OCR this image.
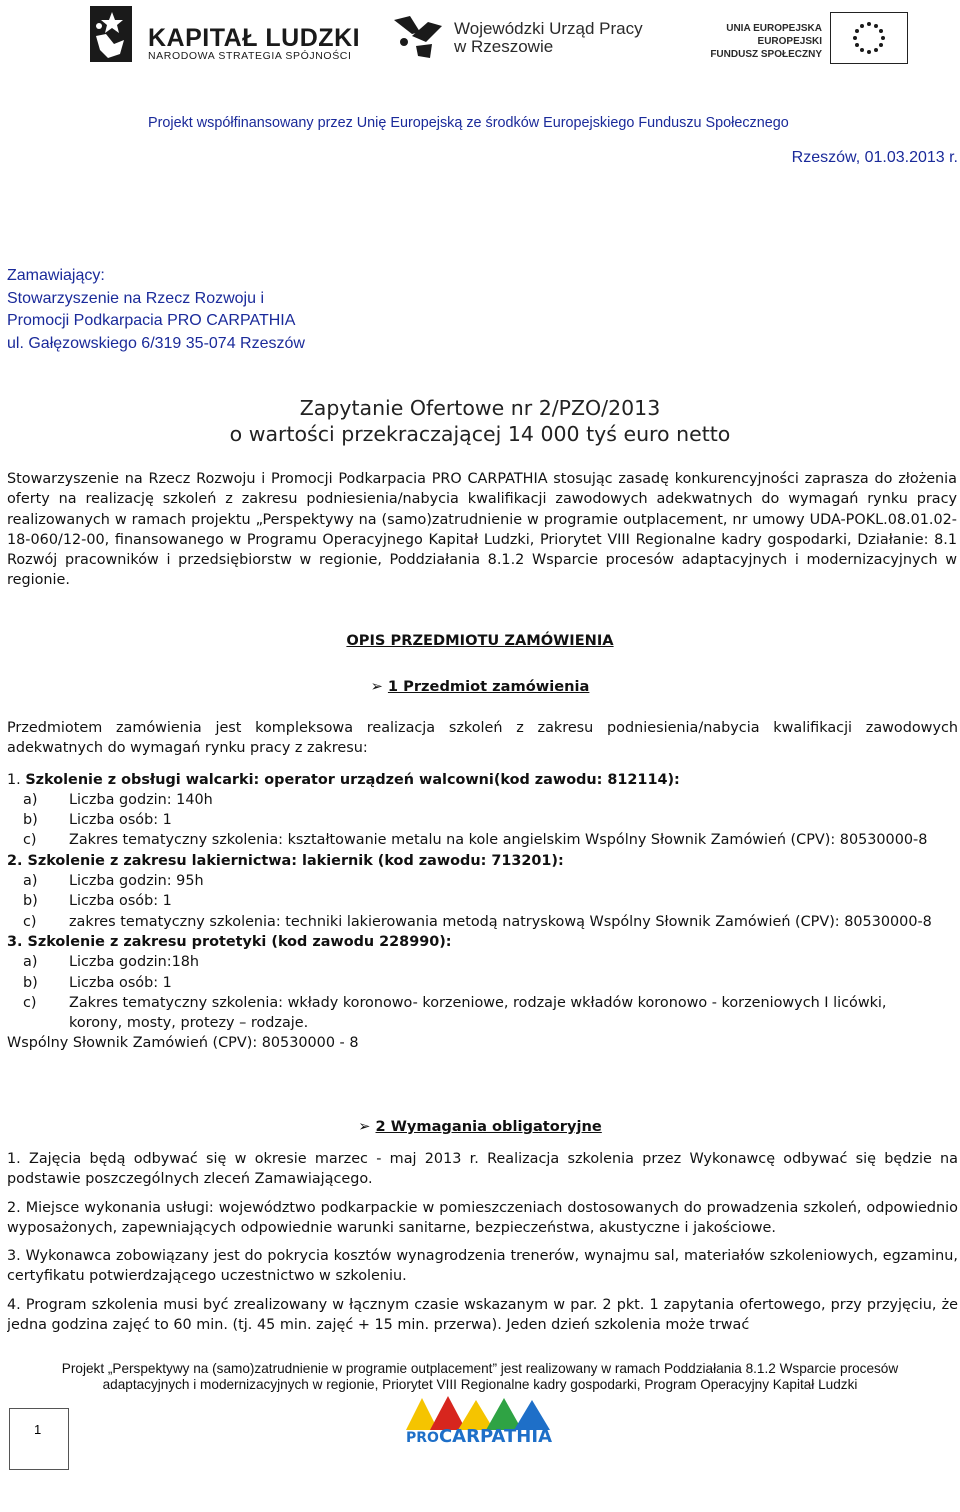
KAPITAŁ LUDZKI
NARODOWA STRATEGIA SPÓJNOŚCI
Wojewódzki Urząd Pracy
w Rzeszowie
UNIA EUROPEJSKA
EUROPEJSKI
FUNDUSZ SPOŁECZNY
Projekt współfinansowany przez Unię Europejską ze środków Europejskiego Funduszu Społecznego
Rzeszów, 01.03.2013 r.
Zamawiający:
Stowarzyszenie na Rzecz Rozwoju i
Promocji Podkarpacia PRO CARPATHIA
ul. Gałęzowskiego 6/319 35-074 Rzeszów
Zapytanie Ofertowe nr 2/PZO/2013
o wartości przekraczającej 14 000 tyś euro netto
Stowarzyszenie na Rzecz Rozwoju i Promocji Podkarpacia PRO CARPATHIA stosując zasadę konkurencyjności zaprasza do złożenia oferty na realizację szkoleń z zakresu podniesienia/nabycia kwalifikacji zawodowych adekwatnych do wymagań rynku pracy realizowanych w ramach projektu „Perspektywy na (samo)zatrudnienie w programie outplacement, nr umowy UDA-POKL.08.01.02-18-060/12-00, finansowanego w Programu Operacyjnego Kapitał Ludzki, Priorytet VIII Regionalne kadry gospodarki, Działanie: 8.1 Rozwój pracowników i przedsiębiorstw w regionie, Poddziałania 8.1.2 Wsparcie procesów adaptacyjnych i modernizacyjnych w regionie.
OPIS PRZEDMIOTU ZAMÓWIENIA
➢ 1 Przedmiot zamówienia
Przedmiotem zamówienia jest kompleksowa realizacja szkoleń z zakresu podniesienia/nabycia kwalifikacji zawodowych adekwatnych do wymagań rynku pracy z zakresu:
1. Szkolenie z obsługi walcarki: operator urządzeń walcowni(kod zawodu: 812114):
a) Liczba godzin: 140h
b) Liczba osób: 1
c) Zakres tematyczny szkolenia: kształtowanie metalu na kole angielskim Wspólny Słownik Zamówień (CPV): 80530000-8
2. Szkolenie z zakresu lakiernictwa: lakiernik (kod zawodu: 713201):
a) Liczba godzin: 95h
b) Liczba osób: 1
c) zakres tematyczny szkolenia: techniki lakierowania metodą natryskową Wspólny Słownik Zamówień (CPV): 80530000-8
3. Szkolenie z zakresu protetyki (kod zawodu 228990):
a) Liczba godzin:18h
b) Liczba osób: 1
c) Zakres tematyczny szkolenia: wkłady koronowo- korzeniowe, rodzaje wkładów koronowo - korzeniowych I licówki, korony, mosty, protezy – rodzaje.
Wspólny Słownik Zamówień (CPV): 80530000 - 8
➢ 2 Wymagania obligatoryjne
1. Zajęcia będą odbywać się w okresie marzec - maj 2013 r. Realizacja szkolenia przez Wykonawcę odbywać się będzie na podstawie poszczególnych zleceń Zamawiającego.
2. Miejsce wykonania usługi: województwo podkarpackie w pomieszczeniach dostosowanych do prowadzenia szkoleń, odpowiednio wyposażonych, zapewniających odpowiednie warunki sanitarne, bezpieczeństwa, akustyczne i jakościowe.
3. Wykonawca zobowiązany jest do pokrycia kosztów wynagrodzenia trenerów, wynajmu sal, materiałów szkoleniowych, egzaminu, certyfikatu potwierdzającego uczestnictwo w szkoleniu.
4. Program szkolenia musi być zrealizowany w łącznym czasie wskazanym w par. 2 pkt. 1 zapytania ofertowego, przy przyjęciu, że jedna godzina zajęć to 60 min. (tj. 45 min. zajęć + 15 min. przerwa). Jeden dzień szkolenia może trwać
Projekt „Perspektywy na (samo)zatrudnienie w programie outplacement” jest realizowany w ramach Poddziałania 8.1.2 Wsparcie procesów
adaptacyjnych i modernizacyjnych w regionie, Priorytet VIII Regionalne kadry gospodarki, Program Operacyjny Kapitał Ludzki
1
PROCARPATHIA
